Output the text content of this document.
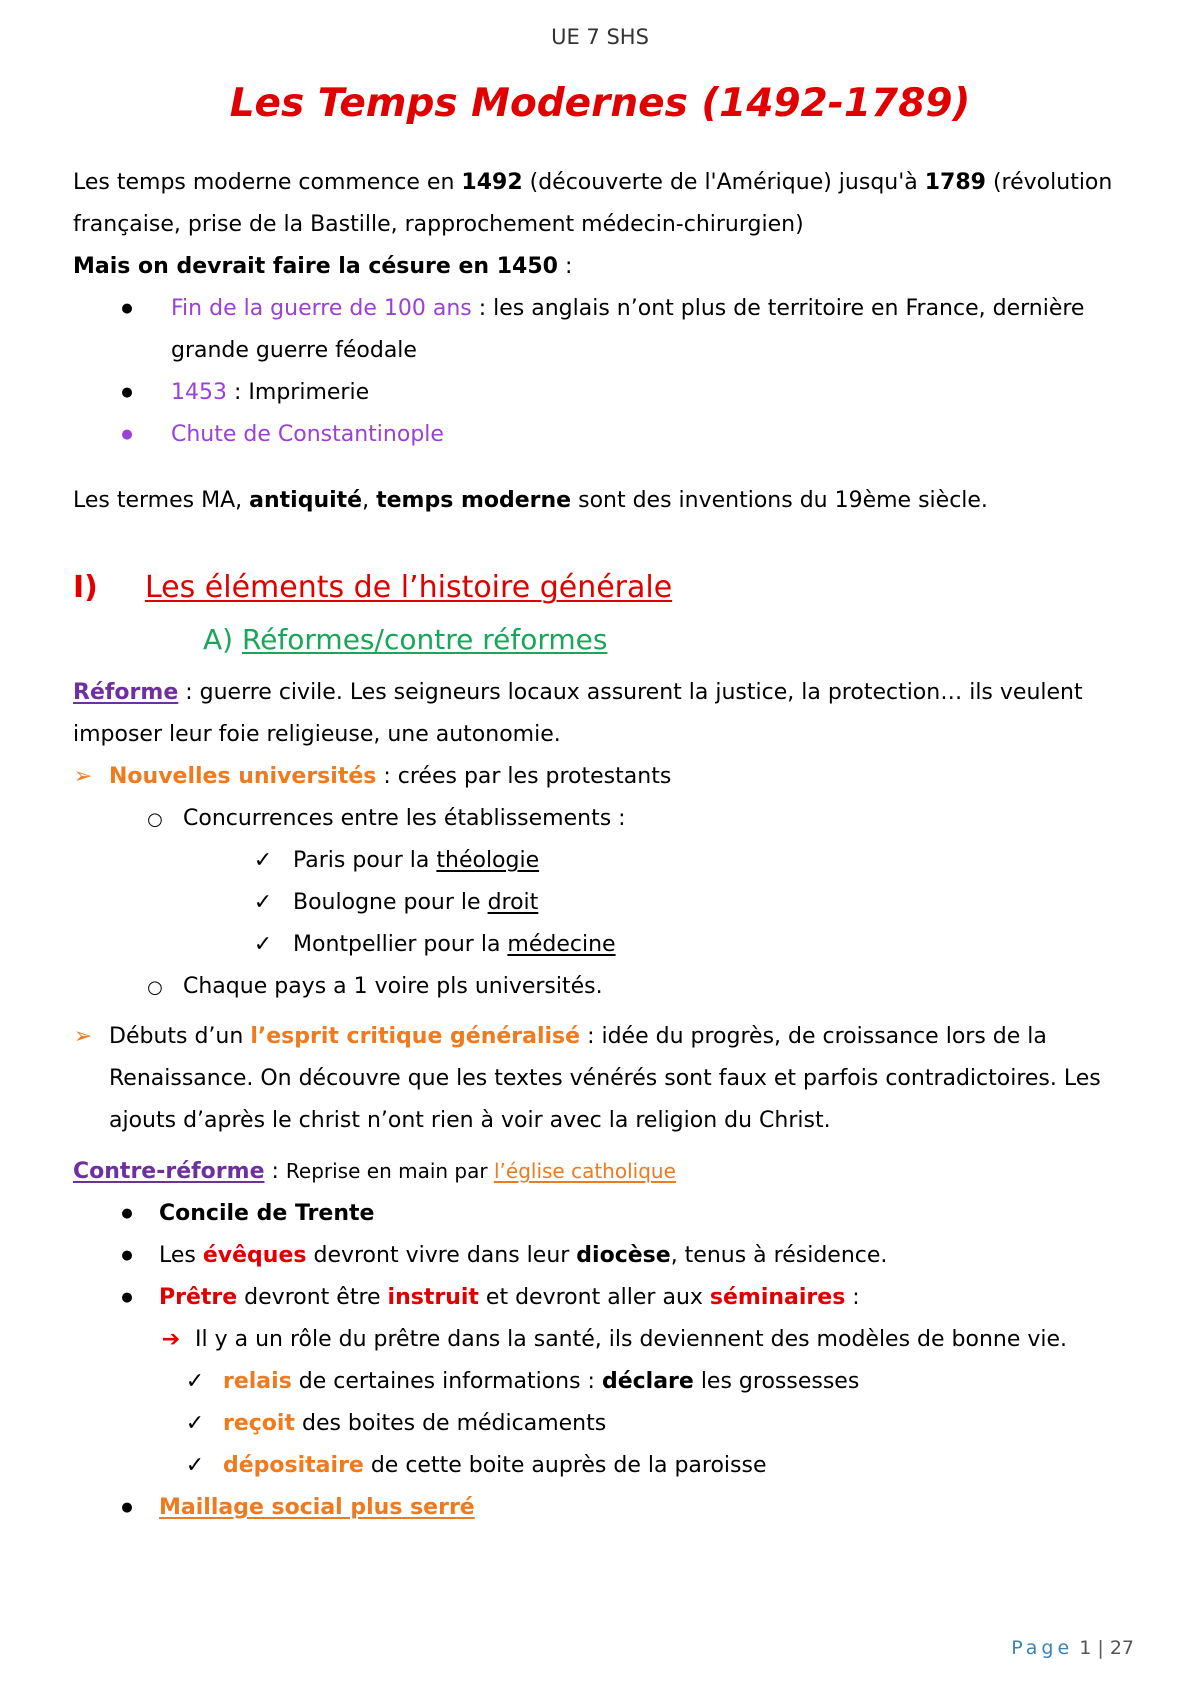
UE 7 SHS
Les Temps Modernes (1492-1789)
Les temps moderne commence en 1492 (découverte de l'Amérique) jusqu'à 1789 (révolution
française, prise de la Bastille, rapprochement médecin-chirurgien)
Mais on devrait faire la césure en 1450 :
●
Fin de la guerre de 100 ans : les anglais n’ont plus de territoire en France, dernière
grande guerre féodale
●
1453 : Imprimerie
●
Chute de Constantinople
Les termes MA, antiquité, temps moderne sont des inventions du 19ème siècle.
I) Les éléments de l’histoire générale
A) Réformes/contre réformes
Réforme : guerre civile. Les seigneurs locaux assurent la justice, la protection… ils veulent
imposer leur foie religieuse, une autonomie.
➢ Nouvelles universités : crées par les protestants
○
Concurrences entre les établissements :
✓ Paris pour la théologie
✓ Boulogne pour le droit
✓ Montpellier pour la médecine
○
Chaque pays a 1 voire pls universités.
➢ Débuts d’un l’esprit critique généralisé : idée du progrès, de croissance lors de la
Renaissance. On découvre que les textes vénérés sont faux et parfois contradictoires. Les
ajouts d’après le christ n’ont rien à voir avec la religion du Christ.
Contre-réforme : Reprise en main par l’église catholique
●
Concile de Trente
●
Les évêques devront vivre dans leur diocèse, tenus à résidence.
●
Prêtre devront être instruit et devront aller aux séminaires :
➔ Il y a un rôle du prêtre dans la santé, ils deviennent des modèles de bonne vie.
✓ relais de certaines informations : déclare les grossesses
✓ reçoit des boites de médicaments
✓ dépositaire de cette boite auprès de la paroisse
●
Maillage social plus serré
Page 1 | 27
